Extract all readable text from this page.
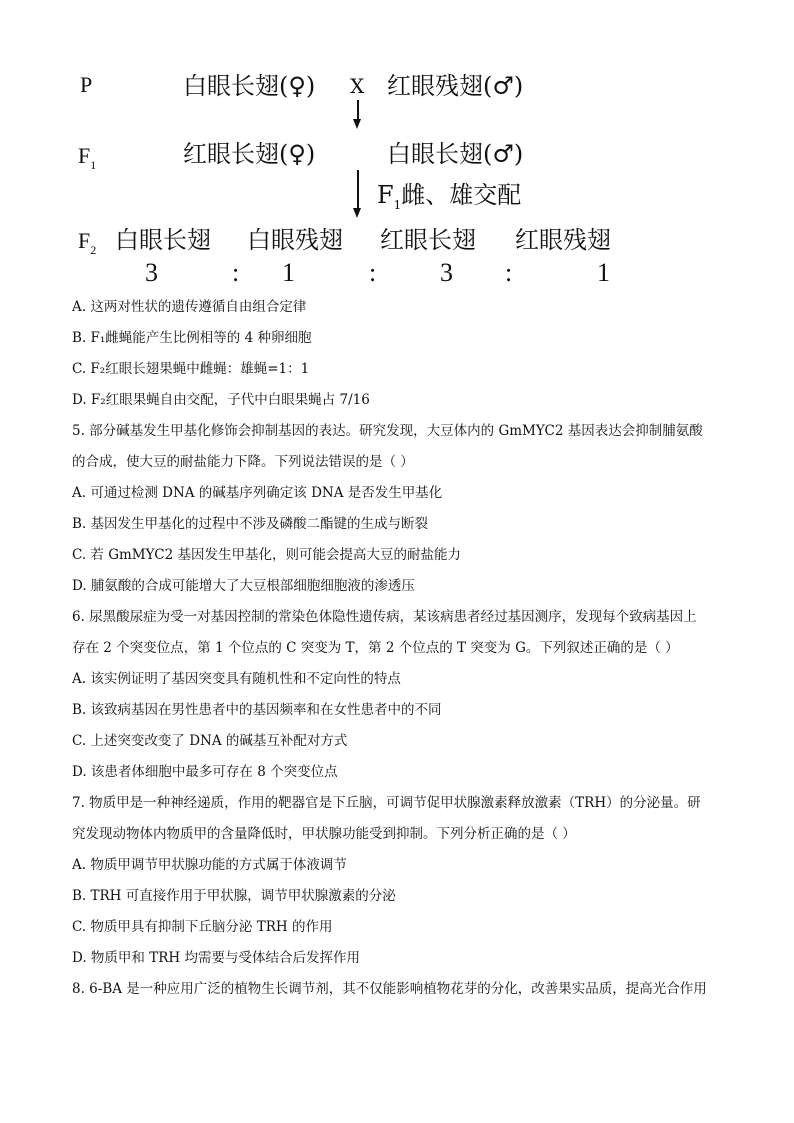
P	白眼长翅(♀) X 红眼残翅(♂)
$F_1$	红眼长翅(♀)	白眼长翅(♂)
$F_1$雌、雄交配
$F_2$ 白眼长翅 白眼残翅 红眼长翅 红眼残翅
3	: 1	: 3 :	1
A. 这两对性状的遗传遵循自由组合定律
B. F₁雌蝇能产生比例相等的 4 种卵细胞
C. F₂红眼长翅果蝇中雌蝇：雄蝇=1：1
D. F₂红眼果蝇自由交配，子代中白眼果蝇占 7/16
5. 部分碱基发生甲基化修饰会抑制基因的表达。研究发现，大豆体内的 GmMYC2 基因表达会抑制脯氨酸
的合成，使大豆的耐盐能力下降。下列说法错误的是（ ）
A. 可通过检测 DNA 的碱基序列确定该 DNA 是否发生甲基化
B. 基因发生甲基化的过程中不涉及磷酸二酯键的生成与断裂
C. 若 GmMYC2 基因发生甲基化，则可能会提高大豆的耐盐能力
D. 脯氨酸的合成可能增大了大豆根部细胞细胞液的渗透压
6. 尿黑酸尿症为受一对基因控制的常染色体隐性遗传病，某该病患者经过基因测序，发现每个致病基因上
存在 2 个突变位点，第 1 个位点的 C 突变为 T，第 2 个位点的 T 突变为 G。下列叙述正确的是（ ）
A. 该实例证明了基因突变具有随机性和不定向性的特点
B. 该致病基因在男性患者中的基因频率和在女性患者中的不同
C. 上述突变改变了 DNA 的碱基互补配对方式
D. 该患者体细胞中最多可存在 8 个突变位点
7. 物质甲是一种神经递质，作用的靶器官是下丘脑，可调节促甲状腺激素释放激素（TRH）的分泌量。研
究发现动物体内物质甲的含量降低时，甲状腺功能受到抑制。下列分析正确的是（ ）
A. 物质甲调节甲状腺功能的方式属于体液调节
B. TRH 可直接作用于甲状腺，调节甲状腺激素的分泌
C. 物质甲具有抑制下丘脑分泌 TRH 的作用
D. 物质甲和 TRH 均需要与受体结合后发挥作用
8. 6-BA 是一种应用广泛的植物生长调节剂，其不仅能影响植物花芽的分化，改善果实品质，提高光合作用
